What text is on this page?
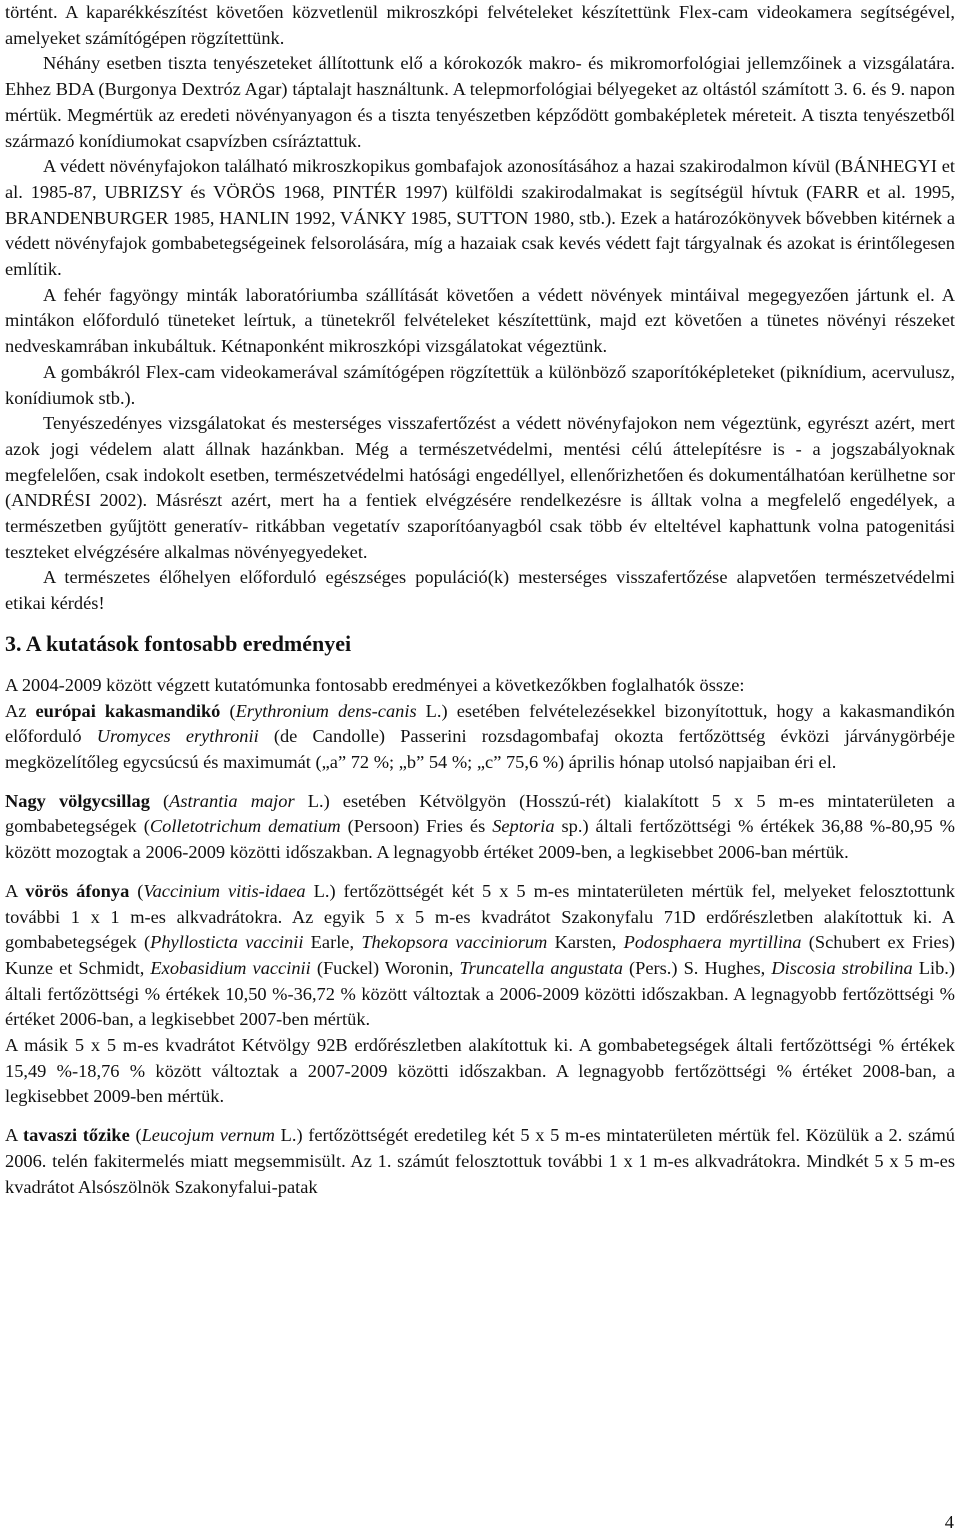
történt. A kaparékkészítést követően közvetlenül mikroszkópi felvételeket készítettünk Flex-cam videokamera segítségével, amelyeket számítógépen rögzítettünk.

Néhány esetben tiszta tenyészeteket állítottunk elő a kórokozók makro- és mikromorfológiai jellemzőinek a vizsgálatára. Ehhez BDA (Burgonya Dextróz Agar) táptalajt használtunk. A telepmorfológiai bélyegeket az oltástól számított 3. 6. és 9. napon mértük. Megmértük az eredeti növényanyagon és a tiszta tenyészetben képződött gombaképletek méreteit. A tiszta tenyészetből származó konídiumokat csapvízben csíráztattuk.

A védett növényfajokon található mikroszkopikus gombafajok azonosításához a hazai szakirodalmon kívül (BÁNHEGYI et al. 1985-87, UBRIZSY és VÖRÖS 1968, PINTÉR 1997) külföldi szakirodalmakat is segítségül hívtuk (FARR et al. 1995, BRANDENBURGER 1985, HANLIN 1992, VÁNKY 1985, SUTTON 1980, stb.). Ezek a határozókönyvek bővebben kitérnek a védett növényfajok gombabetegségeinek felsorolására, míg a hazaiak csak kevés védett fajt tárgyalnak és azokat is érintőlegesen említik.

A fehér fagyöngy minták laboratóriumba szállítását követően a védett növények mintáival megegyezően jártunk el. A mintákon előforduló tüneteket leírtuk, a tünetekről felvételeket készítettünk, majd ezt követően a tünetes növényi részeket nedveskamrában inkubáltuk. Kétnaponként mikroszkópi vizsgálatokat végeztünk.

A gombákról Flex-cam videokamerával számítógépen rögzítettük a különböző szaporítóképleteket (piknídium, acervulusz, konídiumok stb.).

Tenyészedényes vizsgálatokat és mesterséges visszafertőzést a védett növényfajokon nem végeztünk, egyrészt azért, mert azok jogi védelem alatt állnak hazánkban. Még a természetvédelmi, mentési célú áttelepítésre is - a jogszabályoknak megfelelően, csak indokolt esetben, természetvédelmi hatósági engedéllyel, ellenőrizhetően és dokumentálhatóan kerülhetne sor (ANDRÉSI 2002). Másrészt azért, mert ha a fentiek elvégzésére rendelkezésre is álltak volna a megfelelő engedélyek, a természetben gyűjtött generatív- ritkábban vegetatív szaporítóanyagból csak több év elteltével kaphattunk volna patogenitási teszteket elvégzésére alkalmas növényegyedeket.

A természetes élőhelyen előforduló egészséges populáció(k) mesterséges visszafertőzése alapvetően természetvédelmi etikai kérdés!

3. A kutatások fontosabb eredményei

A 2004-2009 között végzett kutatómunka fontosabb eredményei a következőkben foglalhatók össze:

Az európai kakasmandikó (Erythronium dens-canis L.) esetében felvételezésekkel bizonyítottuk, hogy a kakasmandikón előforduló Uromyces erythronii (de Candolle) Passerini rozsdagombafaj okozta fertőzöttség évközi járványgörbéje megközelítőleg egycsúcsú és maximumát („a” 72 %; „b” 54 %; „c” 75,6 %) április hónap utolsó napjaiban éri el.

Nagy völgycsillag (Astrantia major L.) esetében Kétvölgyön (Hosszú-rét) kialakított 5 x 5 m-es mintaterületen a gombabetegségek (Colletotrichum dematium (Persoon) Fries és Septoria sp.) általi fertőzöttségi % értékek 36,88 %-80,95 % között mozogtak a 2006-2009 közötti időszakban. A legnagyobb értéket 2009-ben, a legkisebbet 2006-ban mértük.

A vörös áfonya (Vaccinium vitis-idaea L.) fertőzöttségét két 5 x 5 m-es mintaterületen mértük fel, melyeket felosztottunk további 1 x 1 m-es alkvadrátokra. Az egyik 5 x 5 m-es kvadrátot Szakonyfalu 71D erdőrészletben alakítottuk ki. A gombabetegségek (Phyllosticta vaccinii Earle, Thekopsora vacciniorum Karsten, Podosphaera myrtillina (Schubert ex Fries) Kunze et Schmidt, Exobasidium vaccinii (Fuckel) Woronin, Truncatella angustata (Pers.) S. Hughes, Discosia strobilina Lib.) általi fertőzöttségi % értékek 10,50 %-36,72 % között változtak a 2006-2009 közötti időszakban. A legnagyobb fertőzöttségi % értéket 2006-ban, a legkisebbet 2007-ben mértük.

A másik 5 x 5 m-es kvadrátot Kétvölgy 92B erdőrészletben alakítottuk ki. A gombabetegségek általi fertőzöttségi % értékek 15,49 %-18,76 % között változtak a 2007-2009 közötti időszakban. A legnagyobb fertőzöttségi % értéket 2008-ban, a legkisebbet 2009-ben mértük.

A tavaszi tőzike (Leucojum vernum L.) fertőzöttségét eredetileg két 5 x 5 m-es mintaterületen mértük fel. Közülük a 2. számú 2006. telén fakitermelés miatt megsemmisült. Az 1. számút felosztottuk további 1 x 1 m-es alkvadrátokra. Mindkét 5 x 5 m-es kvadrátot Alsószölnök Szakonyfalui-patak

4
